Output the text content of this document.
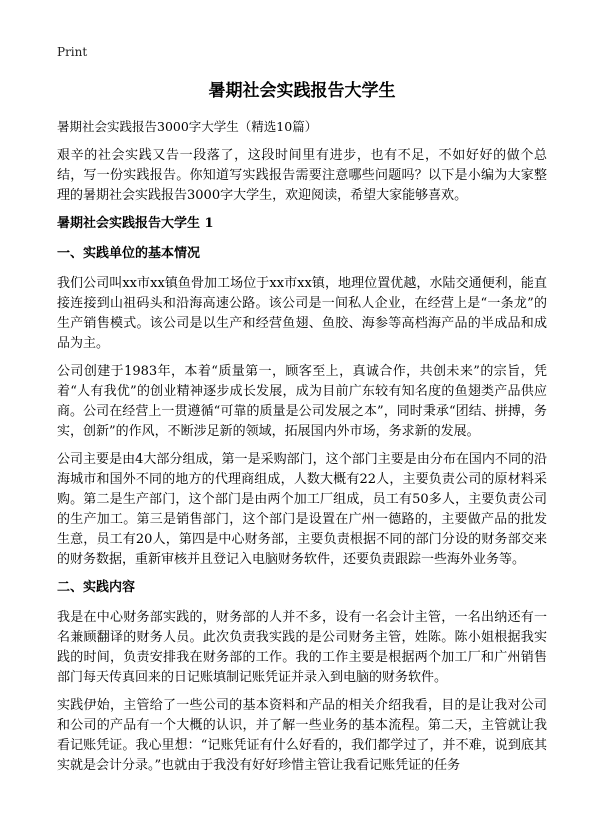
Print
暑期社会实践报告大学生
暑期社会实践报告3000字大学生（精选10篇）

艰辛的社会实践又告一段落了，这段时间里有进步，也有不足，不如好好的做个总结，写一份实践报告。你知道写实践报告需要注意哪些问题吗？以下是小编为大家整理的暑期社会实践报告3000字大学生，欢迎阅读，希望大家能够喜欢。

暑期社会实践报告大学生 1
一、实践单位的基本情况

我们公司叫xx市xx镇鱼骨加工场位于xx市xx镇，地理位置优越，水陆交通便利，能直接连接到山祖码头和沿海高速公路。该公司是一间私人企业，在经营上是“一条龙”的生产销售模式。该公司是以生产和经营鱼翅、鱼胶、海参等高档海产品的半成品和成品为主。

公司创建于1983年，本着“质量第一，顾客至上，真诚合作，共创未来”的宗旨，凭着“人有我优”的创业精神逐步成长发展，成为目前广东较有知名度的鱼翅类产品供应商。公司在经营上一贯遵循“可靠的质量是公司发展之本”，同时秉承“团结、拼搏，务实，创新”的作风，不断涉足新的领域，拓展国内外市场，务求新的发展。

公司主要是由4大部分组成，第一是采购部门，这个部门主要是由分布在国内不同的沿海城市和国外不同的地方的代理商组成，人数大概有22人，主要负责公司的原材料采购。第二是生产部门，这个部门是由两个加工厂组成，员工有50多人，主要负责公司的生产加工。第三是销售部门，这个部门是设置在广州一德路的，主要做产品的批发生意，员工有20人，第四是中心财务部，主要负责根据不同的部门分设的财务部交来的财务数据，重新审核并且登记入电脑财务软件，还要负责跟踪一些海外业务等。

二、实践内容

我是在中心财务部实践的，财务部的人并不多，设有一名会计主管，一名出纳还有一名兼顾翻译的财务人员。此次负责我实践的是公司财务主管，姓陈。陈小姐根据我实践的时间，负责安排我在财务部的工作。我的工作主要是根据两个加工厂和广州销售部门每天传真回来的日记账填制记账凭证并录入到电脑的财务软件。

实践伊始，主管给了一些公司的基本资料和产品的相关介绍我看，目的是让我对公司和公司的产品有一个大概的认识，并了解一些业务的基本流程。第二天，主管就让我看记账凭证。我心里想：“记账凭证有什么好看的，我们都学过了，并不难，说到底其实就是会计分录。”也就由于我没有好好珍惜主管让我看记账凭证的任务
